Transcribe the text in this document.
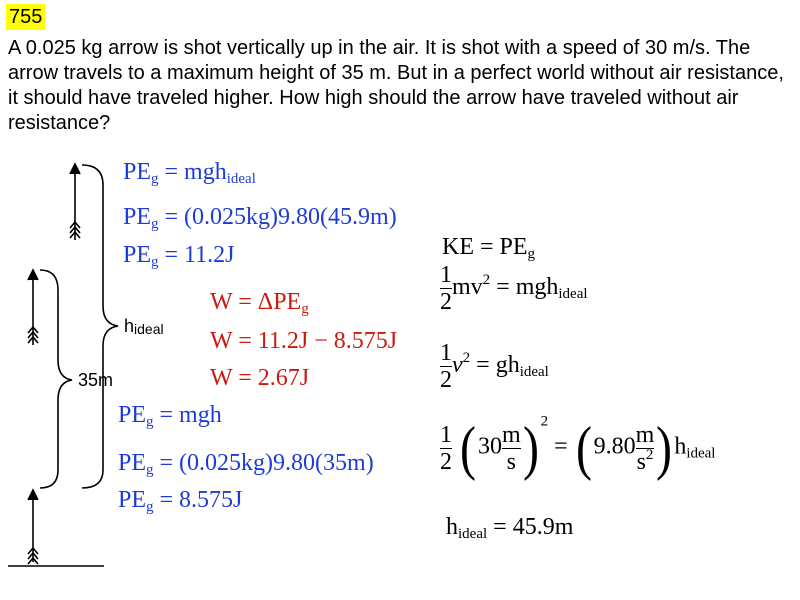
755
A 0.025 kg arrow is shot vertically up in the air. It is shot with a speed of 30 m/s. The arrow travels to a maximum height of 35 m. But in a perfect world without air resistance, it should have traveled higher. How high should the arrow have traveled without air resistance?
$h_{ideal}$
35m
$PE_g = mgh_{ideal}$
$PE_g = (0.025kg)9.80(45.9m)$
$PE_g = 11.2J$
$W = \Delta PE_g$
W = 11.2J − 8.575J
W = 2.67J
$PE_g$ = mgh
$PE_g = (0.025kg)9.80(35m)$
$PE_g = 8.575J$
KE = $PE_g$
$\frac{1}{2} mv^2 = mgh_{ideal}$
$\frac{1}{2} v^2 = gh_{ideal}$
$\frac{1}{2} (30 \frac{m}{s}$ ) $^2 = (9.80 \frac{m}{s^2} )h_{ideal}$
$h_{ideal} = 45.9m$
